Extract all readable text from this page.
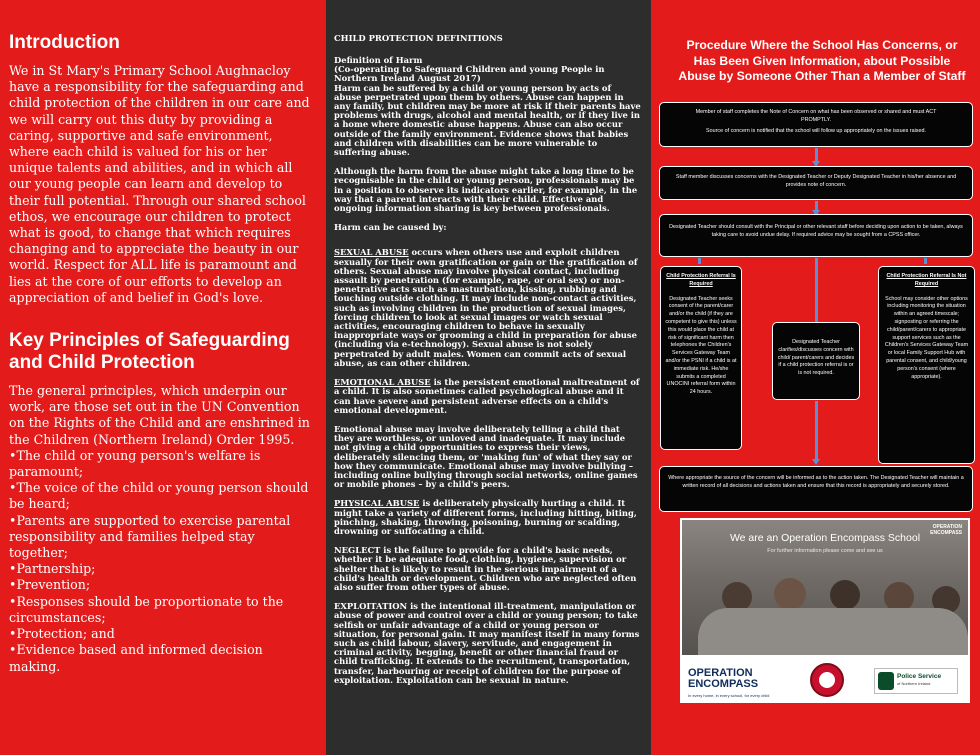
Introduction

We in St Mary's Primary School Aughnacloy have a responsibility for the safeguarding and child protection of the children in our care and we will carry out this duty by providing a caring, supportive and safe environment, where each child is valued for his or her unique talents and abilities, and in which all our young people can learn and develop to their full potential. Through our shared school ethos, we encourage our children to protect what is good, to change that which requires changing and to appreciate the beauty in our world. Respect for ALL life is paramount and lies at the core of our efforts to develop an appreciation of and belief in God's love.

Key Principles of Safeguarding and Child Protection

The general principles, which underpin our work, are those set out in the UN Convention on the Rights of the Child and are enshrined in the Children (Northern Ireland) Order 1995.

• The child or young person's welfare is paramount;
• The voice of the child or young person should be heard;
• Parents are supported to exercise parental responsibility and families helped stay together;
• Partnership;
• Prevention;
• Responses should be proportionate to the circumstances;
• Protection; and
• Evidence based and informed decision making.
CHILD PROTECTION DEFINITIONS

Definition of Harm
(Co-operating to Safeguard Children and young People in Northern Ireland August 2017)
Harm can be suffered by a child or young person by acts of abuse perpetrated upon them by others. Abuse can happen in any family, but children may be more at risk if their parents have problems with drugs, alcohol and mental health, or if they live in a home where domestic abuse happens. Abuse can also occur outside of the family environment. Evidence shows that babies and children with disabilities can be more vulnerable to suffering abuse.

Although the harm from the abuse might take a long time to be recognisable in the child or young person, professionals may be in a position to observe its indicators earlier, for example, in the way that a parent interacts with their child. Effective and ongoing information sharing is key between professionals.

Harm can be caused by:

SEXUAL ABUSE occurs when others use and exploit children sexually for their own gratification or gain or the gratification of others. Sexual abuse may involve physical contact, including assault by penetration (for example, rape, or oral sex) or non-penetrative acts such as masturbation, kissing, rubbing and touching outside clothing. It may include non-contact activities, such as involving children in the production of sexual images, forcing children to look at sexual images or watch sexual activities, encouraging children to behave in sexually inappropriate ways or grooming a child in preparation for abuse (including via e-technology). Sexual abuse is not solely perpetrated by adult males. Women can commit acts of sexual abuse, as can other children.

EMOTIONAL ABUSE is the persistent emotional maltreatment of a child. It is also sometimes called psychological abuse and it can have severe and persistent adverse effects on a child's emotional development.

Emotional abuse may involve deliberately telling a child that they are worthless, or unloved and inadequate. It may include not giving a child opportunities to express their views, deliberately silencing them, or 'making fun' of what they say or how they communicate. Emotional abuse may involve bullying – including online bullying through social networks, online games or mobile phones – by a child's peers.

PHYSICAL ABUSE is deliberately physically hurting a child. It might take a variety of different forms, including hitting, biting, pinching, shaking, throwing, poisoning, burning or scalding, drowning or suffocating a child.

NEGLECT is the failure to provide for a child's basic needs, whether it be adequate food, clothing, hygiene, supervision or shelter that is likely to result in the serious impairment of a child's health or development. Children who are neglected often also suffer from other types of abuse.

EXPLOITATION is the intentional ill-treatment, manipulation or abuse of power and control over a child or young person; to take selfish or unfair advantage of a child or young person or situation, for personal gain. It may manifest itself in many forms such as child labour, slavery, servitude, and engagement in criminal activity, begging, benefit or other financial fraud or child trafficking. It extends to the recruitment, transportation, transfer, harbouring or receipt of children for the purpose of exploitation. Exploitation can be sexual in nature.

Procedure Where the School Has Concerns, or Has Been Given Information, about Possible Abuse by Someone Other Than a Member of Staff
Member of staff completes the Note of Concern on what has been observed or shared and must ACT PROMPTLY.
Source of concern is notified that the school will follow up appropriately on the issues raised.
Staff member discusses concerns with the Designated Teacher or Deputy Designated Teacher in his/her absence and provides note of concern.
Designated Teacher should consult with the Principal or other relevant staff before deciding upon action to be taken, always taking care to avoid undue delay. If required advice may be sought from a CPSS officer.
Child Protection Referral Is Required
Designated Teacher seeks consent of the parent/carer and/or the child (if they are competent to give this) unless this would place the child at risk of significant harm then telephones the Children's Services Gateway Team and/or the PSNI if a child is at immediate risk. He/she submits a completed UNOCINI referral form within 24 hours.
Designated Teacher clarifies/discusses concern with child/ parent/carers and decides if a child protection referral is or is not required.
Child Protection Referral Is Not Required
School may consider other options including monitoring the situation within an agreed timescale; signposting or referring the child/parent/carers to appropriate support services such as the Children's Services Gateway Team or local Family Support Hub with parental consent, and child/young person's consent (where appropriate).
Where appropriate the source of the concern will be informed as to the action taken. The Designated Teacher will maintain a written record of all decisions and actions taken and ensure that this record is appropriately and securely stored.
OPERATION
ENCOMPASS
We are an Operation Encompass School
For further information please come and see us
OPERATION
ENCOMPASS
In every home, in every school, for every child
Police Service
of Northern Ireland
